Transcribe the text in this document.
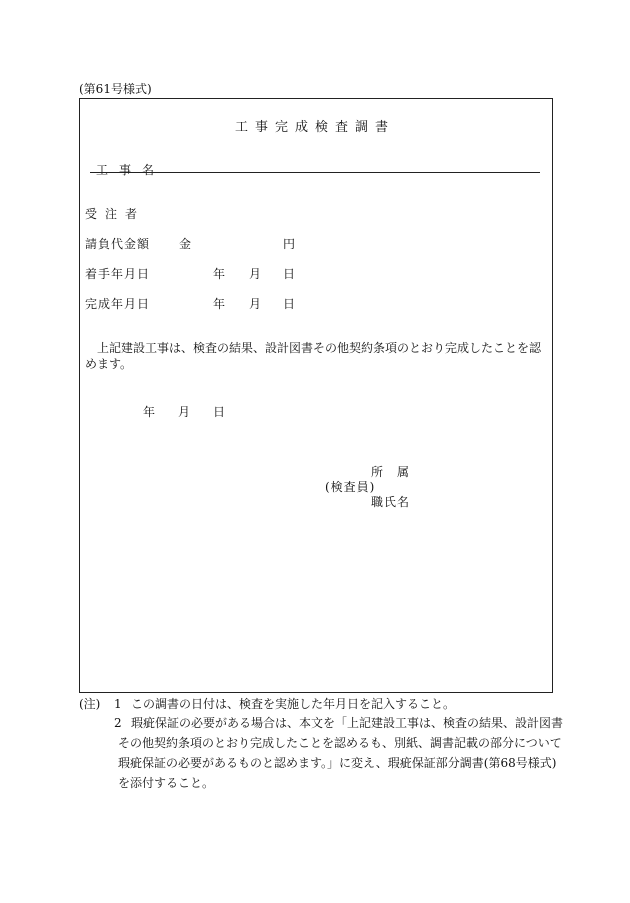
(第61号様式)
工事完成検査調書
工事名
受注者
請負代金額 金	円
着手年月日	年 月 日
完成年月日	年 月 日
上記建設工事は、検査の結果、設計図書その他契約条項のとおり完成したことを認めます。
年 月 日
所　属
(検査員)
職氏名
(注) 1 この調書の日付は、検査を実施した年月日を記入すること。
2 瑕疵保証の必要がある場合は、本文を「上記建設工事は、検査の結果、設計図書その他契約条項のとおり完成したことを認めるも、別紙、調書記載の部分について瑕疵保証の必要があるものと認めます。」に変え、瑕疵保証部分調書(第68号様式)を添付すること。
